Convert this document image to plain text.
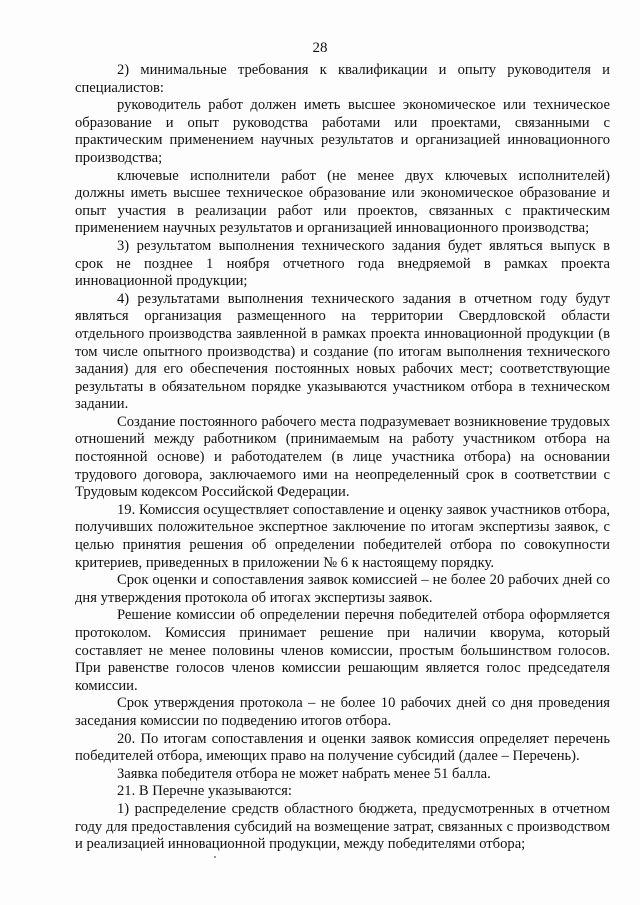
28

2) минимальные требования к квалификации и опыту руководителя и специалистов:

руководитель работ должен иметь высшее экономическое или техническое образование и опыт руководства работами или проектами, связанными с практическим применением научных результатов и организацией инновационного производства;

ключевые исполнители работ (не менее двух ключевых исполнителей) должны иметь высшее техническое образование или экономическое образование и опыт участия в реализации работ или проектов, связанных с практическим применением научных результатов и организацией инновационного производства;

3) результатом выполнения технического задания будет являться выпуск в срок не позднее 1 ноября отчетного года внедряемой в рамках проекта инновационной продукции;

4) результатами выполнения технического задания в отчетном году будут являться организация размещенного на территории Свердловской области отдельного производства заявленной в рамках проекта инновационной продукции (в том числе опытного производства) и создание (по итогам выполнения технического задания) для его обеспечения постоянных новых рабочих мест; соответствующие результаты в обязательном порядке указываются участником отбора в техническом задании.

Создание постоянного рабочего места подразумевает возникновение трудовых отношений между работником (принимаемым на работу участником отбора на постоянной основе) и работодателем (в лице участника отбора) на основании трудового договора, заключаемого ими на неопределенный срок в соответствии с Трудовым кодексом Российской Федерации.

19. Комиссия осуществляет сопоставление и оценку заявок участников отбора, получивших положительное экспертное заключение по итогам экспертизы заявок, с целью принятия решения об определении победителей отбора по совокупности критериев, приведенных в приложении № 6 к настоящему порядку.

Срок оценки и сопоставления заявок комиссией – не более 20 рабочих дней со дня утверждения протокола об итогах экспертизы заявок.

Решение комиссии об определении перечня победителей отбора оформляется протоколом. Комиссия принимает решение при наличии кворума, который составляет не менее половины членов комиссии, простым большинством голосов. При равенстве голосов членов комиссии решающим является голос председателя комиссии.

Срок утверждения протокола – не более 10 рабочих дней со дня проведения заседания комиссии по подведению итогов отбора.

20. По итогам сопоставления и оценки заявок комиссия определяет перечень победителей отбора, имеющих право на получение субсидий (далее – Перечень).

Заявка победителя отбора не может набрать менее 51 балла.

21. В Перечне указываются:

1) распределение средств областного бюджета, предусмотренных в отчетном году для предоставления субсидий на возмещение затрат, связанных с производством и реализацией инновационной продукции, между победителями отбора;
